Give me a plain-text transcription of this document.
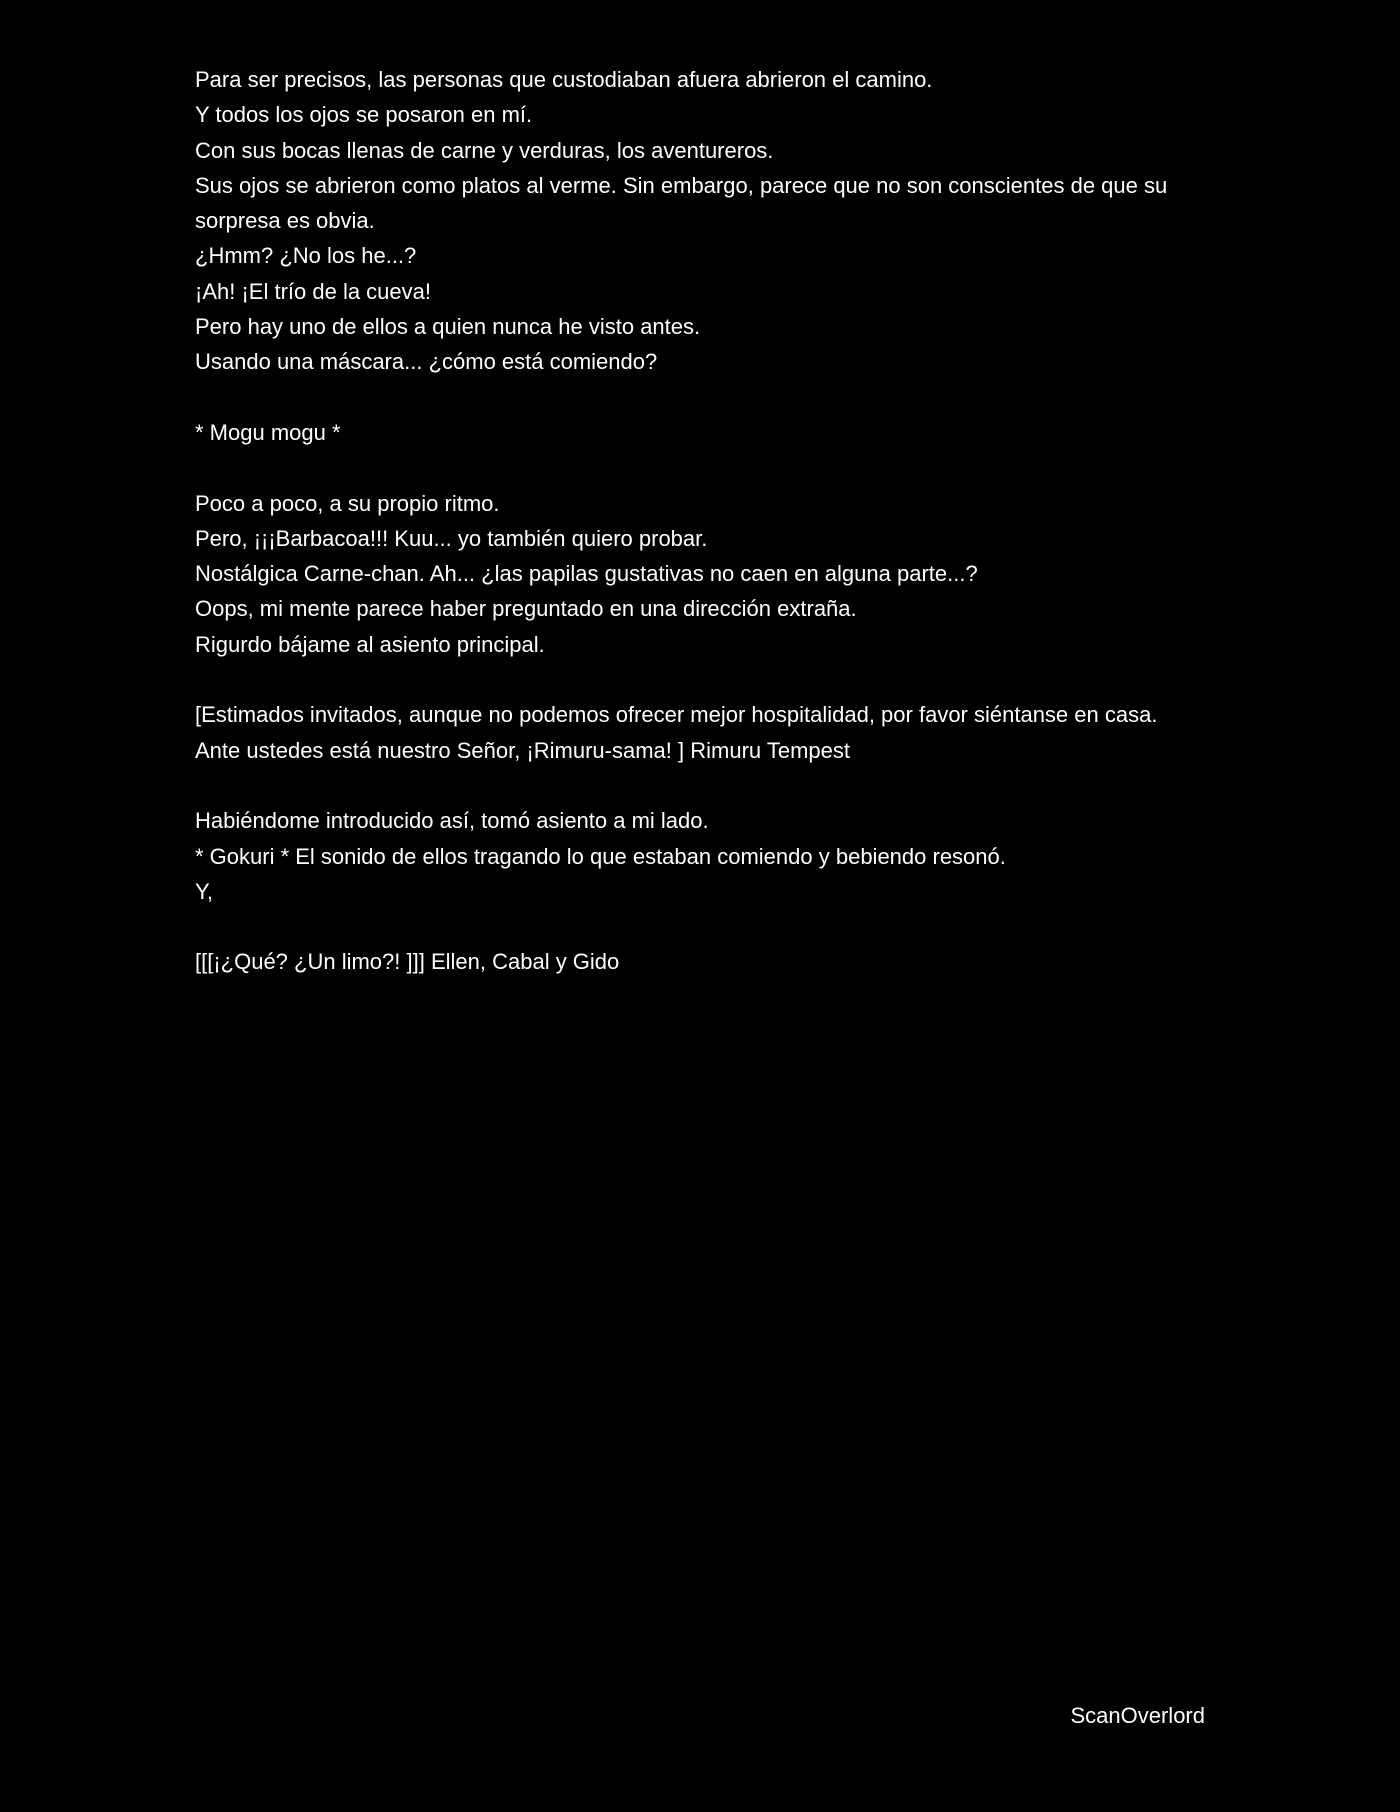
Para ser precisos, las personas que custodiaban afuera abrieron el camino.

Y todos los ojos se posaron en mí.

Con sus bocas llenas de carne y verduras, los aventureros.

Sus ojos se abrieron como platos al verme. Sin embargo, parece que no son conscientes de que su sorpresa es obvia.

¿Hmm? ¿No los he...?

¡Ah! ¡El trío de la cueva!

Pero hay uno de ellos a quien nunca he visto antes.

Usando una máscara... ¿cómo está comiendo?

* Mogu mogu *

Poco a poco, a su propio ritmo.

Pero, ¡¡¡Barbacoa!!! Kuu... yo también quiero probar.

Nostálgica Carne-chan. Ah... ¿las papilas gustativas no caen en alguna parte...?

Oops, mi mente parece haber preguntado en una dirección extraña.

Rigurdo bájame al asiento principal.

[Estimados invitados, aunque no podemos ofrecer mejor hospitalidad, por favor siéntanse en casa.

Ante ustedes está nuestro Señor, ¡Rimuru-sama! ] Rimuru Tempest

Habiéndome introducido así, tomó asiento a mi lado.

* Gokuri * El sonido de ellos tragando lo que estaban comiendo y bebiendo resonó.

Y,

[[[¡¿Qué? ¿Un limo?! ]]] Ellen, Cabal y Gido

ScanOverlord
